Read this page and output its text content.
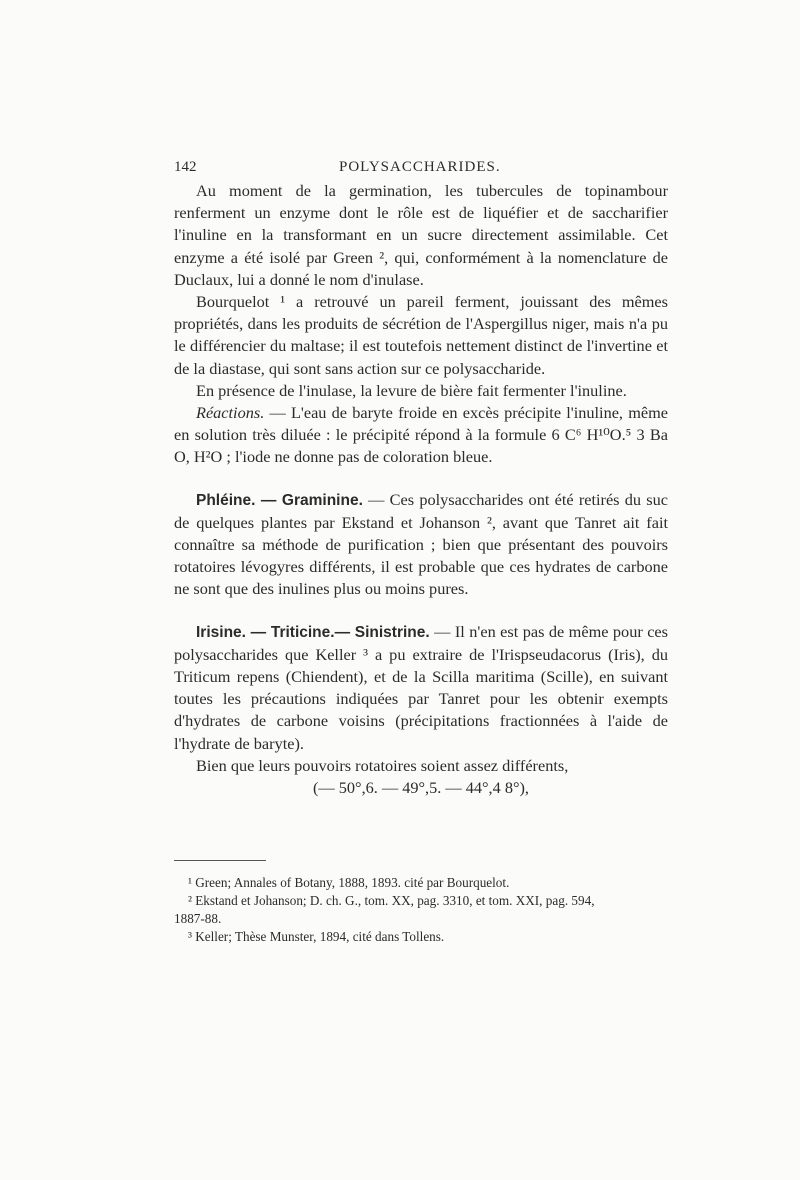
142	POLYSACCHARIDES.

Au moment de la germination, les tubercules de topinambour renferment un enzyme dont le rôle est de liquéfier et de saccharifier l'inuline en la transformant en un sucre directement assimilable. Cet enzyme a été isolé par Green ², qui, conformément à la nomenclature de Duclaux, lui a donné le nom d'inulase.

Bourquelot ¹ a retrouvé un pareil ferment, jouissant des mêmes propriétés, dans les produits de sécrétion de l'Aspergillus niger, mais n'a pu le différencier du maltase; il est toutefois nettement distinct de l'invertine et de la diastase, qui sont sans action sur ce polysaccharide.

En présence de l'inulase, la levure de bière fait fermenter l'inuline.

Réactions. — L'eau de baryte froide en excès précipite l'inuline, même en solution très diluée : le précipité répond à la formule 6 C⁶ H¹⁰O.⁵ 3 Ba O, H²O ; l'iode ne donne pas de coloration bleue.

Phléine. — Graminine. — Ces polysaccharides ont été retirés du suc de quelques plantes par Ekstand et Johanson ², avant que Tanret ait fait connaître sa méthode de purification ; bien que présentant des pouvoirs rotatoires lévogyres différents, il est probable que ces hydrates de carbone ne sont que des inulines plus ou moins pures.

Irisine. — Triticine.— Sinistrine. — Il n'en est pas de même pour ces polysaccharides que Keller ³ a pu extraire de l'Irispseudacorus (Iris), du Triticum repens (Chiendent), et de la Scilla maritima (Scille), en suivant toutes les précautions indiquées par Tanret pour les obtenir exempts d'hydrates de carbone voisins (précipitations fractionnées à l'aide de l'hydrate de baryte).

Bien que leurs pouvoirs rotatoires soient assez différents,

(— 50°,6. — 49°,5. — 44°,4 8°),

¹ Green; Annales of Botany, 1888, 1893. cité par Bourquelot.

² Ekstand et Johanson; D. ch. G., tom. XX, pag. 3310, et tom. XXI, pag. 594,

1887-88.

³ Keller; Thèse Munster, 1894, cité dans Tollens.
